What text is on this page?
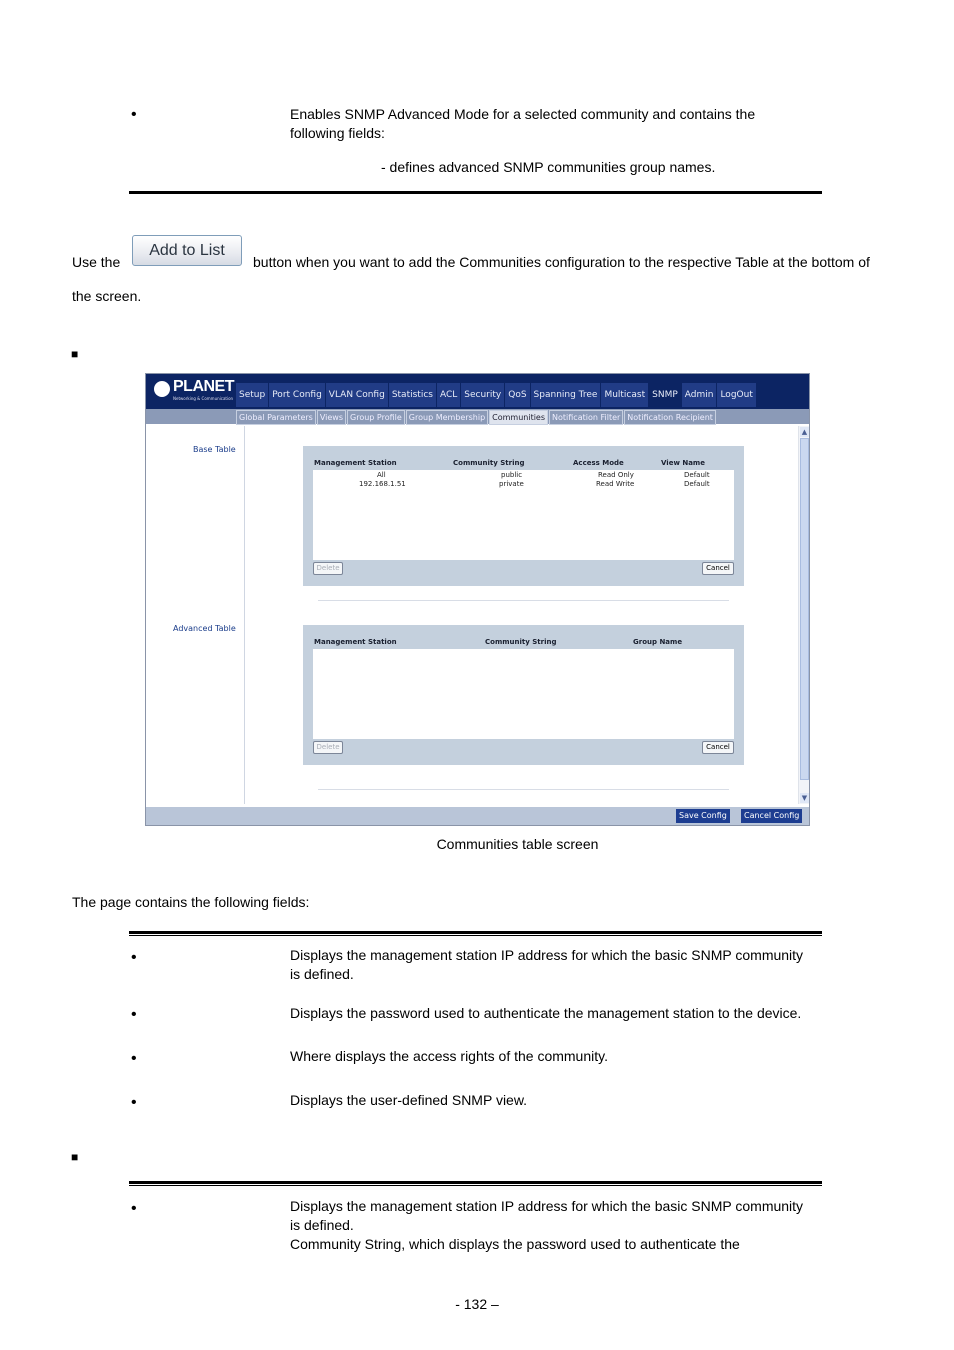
•	Enables SNMP Advanced Mode for a selected community and contains the
following fields:
- defines advanced SNMP communities group names.
Use the
Add to List
button when you want to add the Communities configuration to the respective Table at the bottom of
the screen.
■
PLANET
Networking & Communication Setup Port Config VLAN Config Statistics ACL Security QoS Spanning Tree Multicast SNMP Admin LogOut
Global Parameters Views Group Profile Group Membership Communities Notification Filter Notification Recipient
Base Table
Advanced Table
Management Station	Community String	Access Mode	View Name
All	public	Read Only	Default
192.168.1.51	private	Read Write	Default
Delete	Cancel
Management Station	Community String	Group Name
Delete	Cancel
▲
▼
Save Config	Cancel Config
Communities table screen
The page contains the following fields:
•	Displays the management station IP address for which the basic SNMP community
is defined.
•	Displays the password used to authenticate the management station to the device.
•	Where displays the access rights of the community.
•	Displays the user-defined SNMP view.
■
•	Displays the management station IP address for which the basic SNMP community
is defined.
Community String, which displays the password used to authenticate the
- 132 –
